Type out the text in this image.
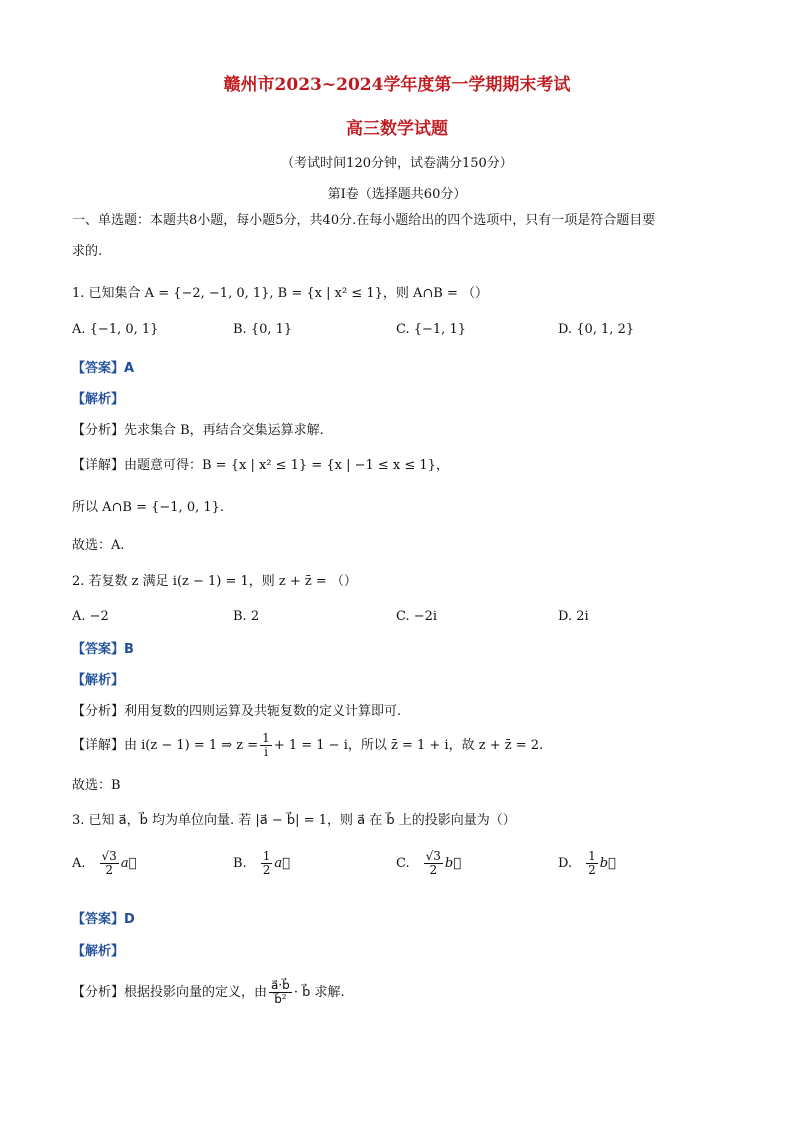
赣州市2023~2024学年度第一学期期末考试
高三数学试题
（考试时间120分钟，试卷满分150分）
第Ⅰ卷（选择题共60分）
一、单选题：本题共8小题，每小题5分，共40分.在每小题给出的四个选项中，只有一项是符合题目要
求的.
1. 已知集合 A = {−2, −1, 0, 1}, B = {x | x² ≤ 1}，则 A∩B = （）
A. {−1, 0, 1}	B. {0, 1}	C. {−1, 1}	D. {0, 1, 2}
【答案】A
【解析】
【分析】先求集合 B，再结合交集运算求解.
【详解】由题意可得：B = {x | x² ≤ 1} = {x | −1 ≤ x ≤ 1}，
所以 A∩B = {−1, 0, 1}.
故选：A.
2. 若复数 z 满足 i(z − 1) = 1，则 z + z̄ = （）
A. −2	B. 2	C. −2i	D. 2i
【答案】B
【解析】
【分析】利用复数的四则运算及共轭复数的定义计算即可.
【详解】由 i(z − 1) = 1 ⇒ $z = \frac{1}{i} + 1 = 1 - i$，所以 z̄ = 1 + i，故 z + z̄ = 2.
故选：B
3. 已知 a⃗，b⃗ 均为单位向量. 若 |a⃗ − b⃗| = 1，则 a⃗ 在 b⃗ 上的投影向量为（）
A. $\frac{√3}{2}$ a⃗	B. $\frac{1}{2}$ a⃗	C. $\frac{√3}{2}$ b⃗	D. $\frac{1}{2}$ b⃗
【答案】D
【解析】
【分析】根据投影向量的定义，由 $\frac{a⃗\cdot b⃗}{\text{b⃗²}}$ · b⃗ 求解.
